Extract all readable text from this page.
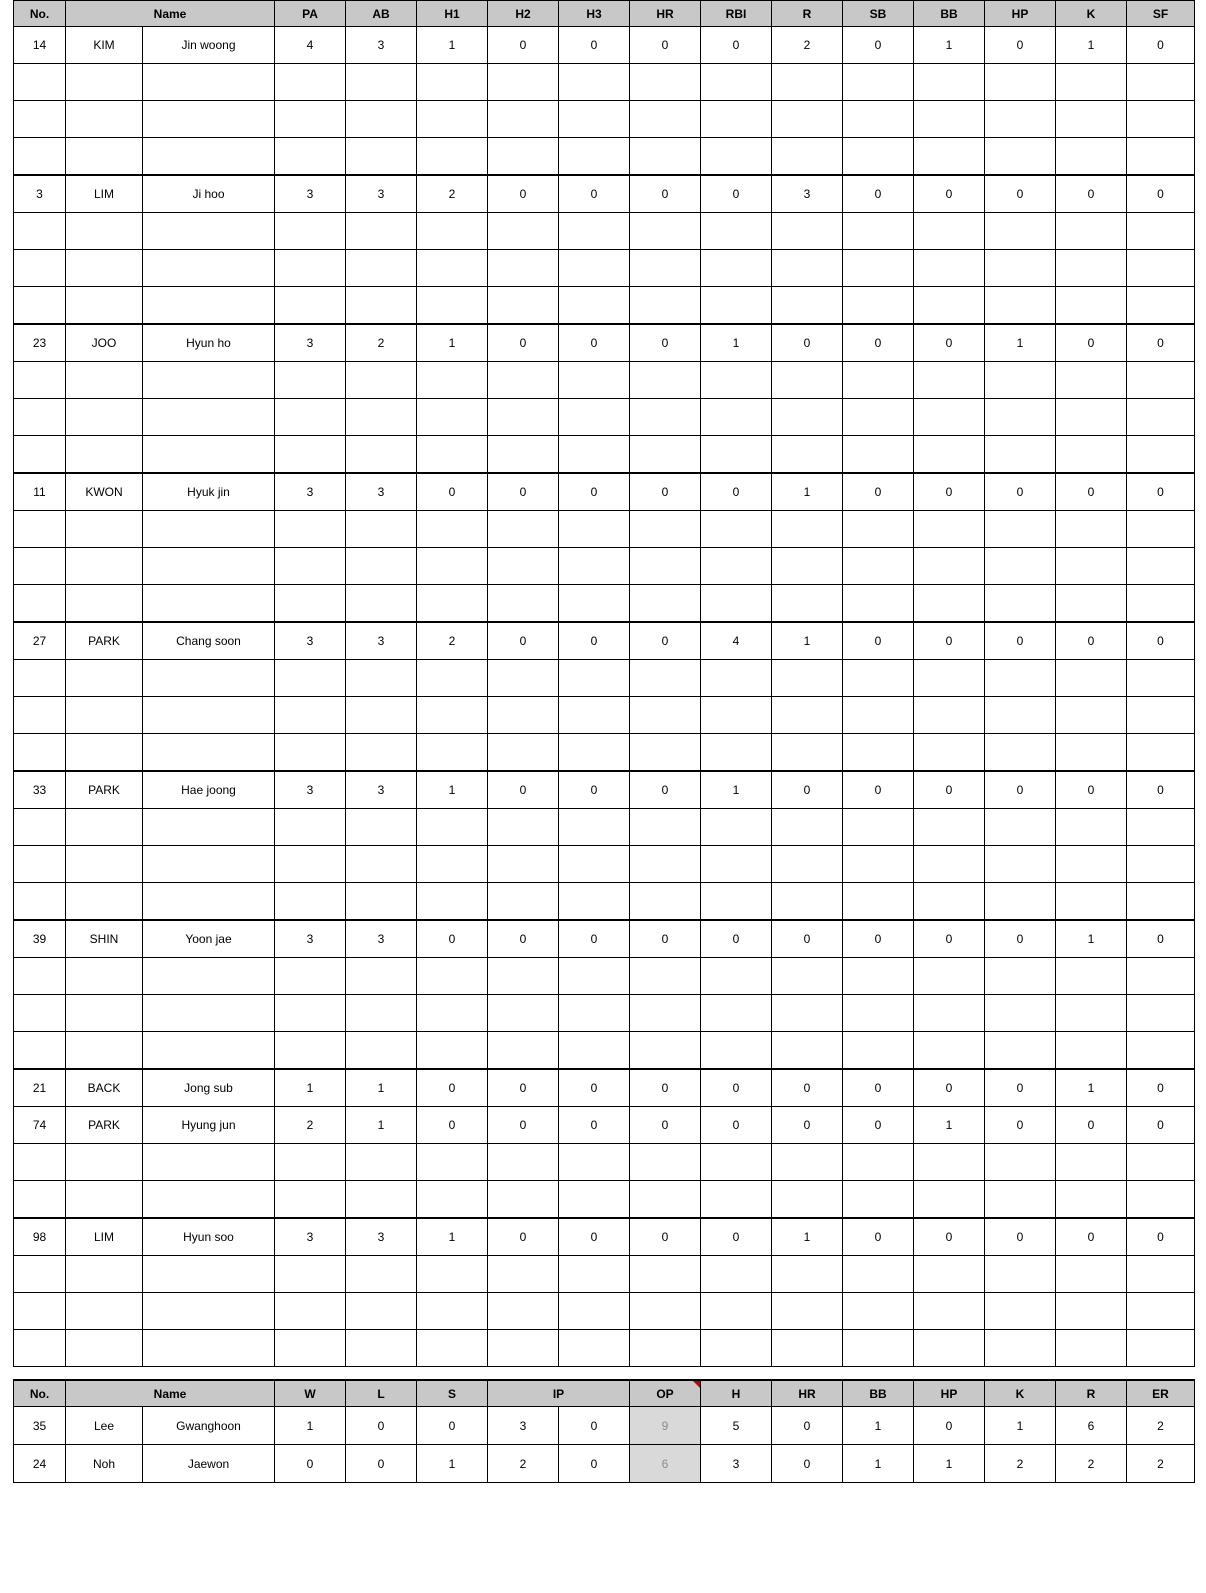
No.	Name		PA	AB	H1	H2	H3	HR	RBI	R	SB	BB	HP	K	SF
14	KIM	Jin woong	4	3	1	0	0	0	0	2	0	1	0	1	0

3	LIM	Ji hoo	3	3	2	0	0	0	0	3	0	0	0	0	0

23	JOO	Hyun ho	3	2	1	0	0	0	1	0	0	0	1	0	0

11	KWON	Hyuk jin	3	3	0	0	0	0	0	1	0	0	0	0	0

27	PARK	Chang soon	3	3	2	0	0	0	4	1	0	0	0	0	0

33	PARK	Hae joong	3	3	1	0	0	0	1	0	0	0	0	0	0

39	SHIN	Yoon jae	3	3	0	0	0	0	0	0	0	0	0	1	0

21	BACK	Jong sub	1	1	0	0	0	0	0	0	0	0	0	1	0
74	PARK	Hyung jun	2	1	0	0	0	0	0	0	0	1	0	0	0

98	LIM	Hyun soo	3	3	1	0	0	0	0	1	0	0	0	0	0

No.	Name		W	L	S	IP		OP	H	HR	BB	HP	K	R	ER
35	Lee	Gwanghoon	1	0	0	3	0	9	5	0	1	0	1	6	2
24	Noh	Jaewon	0	0	1	2	0	6	3	0	1	1	2	2	2
